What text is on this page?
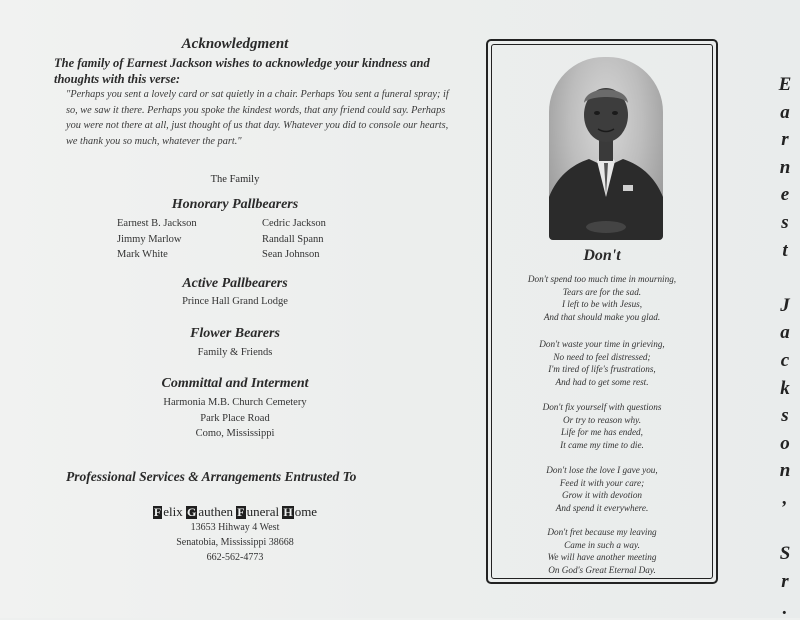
Acknowledgment
The family of Earnest Jackson wishes to acknowledge your kindness and thoughts with this verse:
"Perhaps you sent a lovely card or sat quietly in a chair. Perhaps You sent a funeral spray; if so, we saw it there. Perhaps you spoke the kindest words, that any friend could say. Perhaps you were not there at all, just thought of us that day. Whatever you did to console our hearts, we thank you so much, whatever the part."
The Family
Honorary Pallbearers
Earnest B. Jackson
Jimmy Marlow
Mark White
Cedric Jackson
Randall Spann
Sean Johnson
Active Pallbearers
Prince Hall Grand Lodge
Flower Bearers
Family & Friends
Committal and Interment
Harmonia M.B. Church Cemetery
Park Place Road
Como, Mississippi
Professional Services & Arrangements Entrusted To
F elix G authen F uneral H ome
13653 Hihway 4 West
Senatobia, Mississippi 38668
662-562-4773
Don't
Don't spend too much time in mourning,
Tears are for the sad.
I left to be with Jesus,
And that should make you glad.
Don't waste your time in grieving,
No need to feel distressed;
I'm tired of life's frustrations,
And had to get some rest.
Don't fix yourself with questions
Or try to reason why.
Life for me has ended,
It came my time to die.
Don't lose the love I gave you,
Feed it with your care;
Grow it with devotion
And spend it everywhere.
Don't fret because my leaving
Came in such a way.
We will have another meeting
On God's Great Eternal Day.
E
a
r
n
e
s
t
J
a
c
k
s
o
n
,
S
r
.
